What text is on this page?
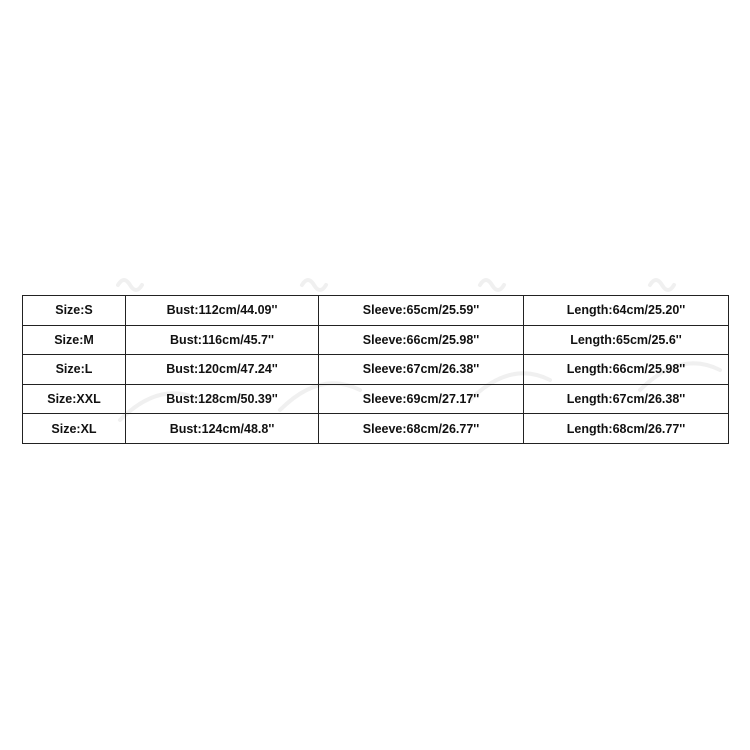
Size:S	Bust:112cm/44.09''	Sleeve:65cm/25.59''	Length:64cm/25.20''
Size:M	Bust:116cm/45.7''	Sleeve:66cm/25.98''	Length:65cm/25.6''
Size:L	Bust:120cm/47.24''	Sleeve:67cm/26.38''	Length:66cm/25.98''
Size:XXL	Bust:128cm/50.39''	Sleeve:69cm/27.17''	Length:67cm/26.38''
Size:XL	Bust:124cm/48.8''	Sleeve:68cm/26.77''	Length:68cm/26.77''
